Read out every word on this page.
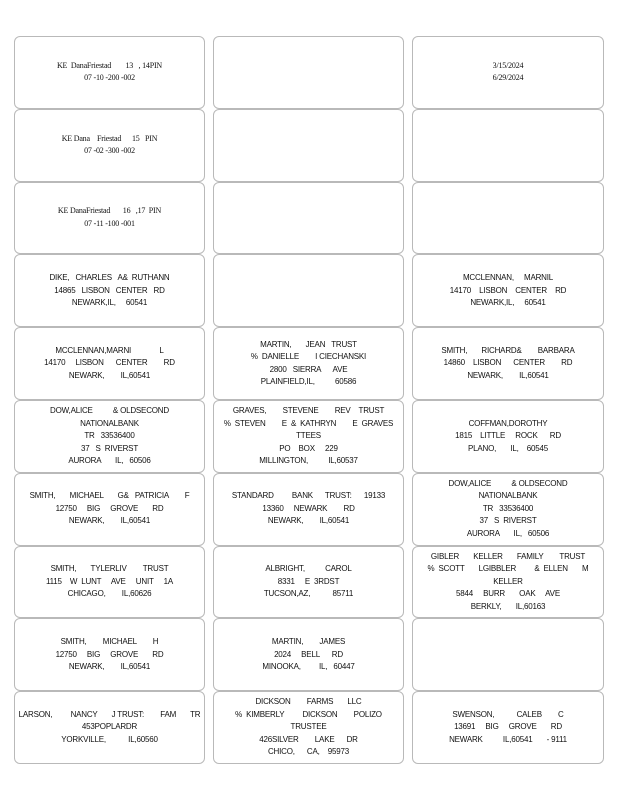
KE  DanaFriestad        13   , 14PIN
07 -10 -200 -002
3/15/2024
6/29/2024
KE Dana    Friestad      15   PIN
07 -02 -300 -002
KE DanaFriestad       16   ,17  PIN
07 -11 -100 -001
DIKE,   CHARLES   A&  RUTHANN
14865   LISBON   CENTER   RD
NEWARK,IL,     60541
MCCLENNAN,     MARNIL
14170    LISBON    CENTER    RD
NEWARK,IL,     60541
MCCLENNAN,MARNI              L
14170     LISBON      CENTER        RD
NEWARK,        IL,60541
MARTIN,       JEAN   TRUST
%  DANIELLE        I CIECHANSKI
2800   SIERRA      AVE
PLAINFIELD,IL,          60586
SMITH,       RICHARD&        BARBARA
14860    LISBON      CENTER        RD
NEWARK,        IL,60541
DOW,ALICE          & OLDSECOND
NATIONALBANK
TR   33536400
37   S  RIVERST
AURORA       IL,   60506
GRAVES,        STEVENE        REV    TRUST
%  STEVEN        E  &  KATHRYN        E  GRAVES
TTEES
PO    BOX     229
MILLINGTON,          IL,60537
COFFMAN,DOROTHY
1815    LITTLE     ROCK      RD
PLANO,       IL,    60545
SMITH,       MICHAEL       G&   PATRICIA        F
12750     BIG     GROVE       RD
NEWARK,        IL,60541
STANDARD         BANK      TRUST:      19133
13360     NEWARK        RD
NEWARK,        IL,60541
DOW,ALICE          & OLDSECOND
NATIONALBANK
TR   33536400
37   S  RIVERST
AURORA       IL,   60506
SMITH,       TYLERLIV        TRUST
1115    W  LUNT     AVE     UNIT     1A
CHICAGO,        IL,60626
ALBRIGHT,          CAROL
8331     E  3RDST
TUCSON,AZ,           85711
GIBLER       KELLER       FAMILY        TRUST
%  SCOTT       LGIBBLER         &  ELLEN       M
KELLER
5844     BURR       OAK     AVE
BERKLY,       IL,60163
SMITH,        MICHAEL        H
12750     BIG     GROVE       RD
NEWARK,        IL,60541
MARTIN,        JAMES
2024     BELL      RD
MINOOKA,         IL,   60447
LARSON,         NANCY       J TRUST:        FAM       TR
453POPLARDR
YORKVILLE,           IL,60560
DICKSON        FARMS       LLC
%  KIMBERLY         DICKSON        POLIZO
TRUSTEE
426SILVER        LAKE      DR
CHICO,      CA,    95973
SWENSON,           CALEB        C
13691     BIG     GROVE       RD
NEWARK          IL,60541       - 9111
